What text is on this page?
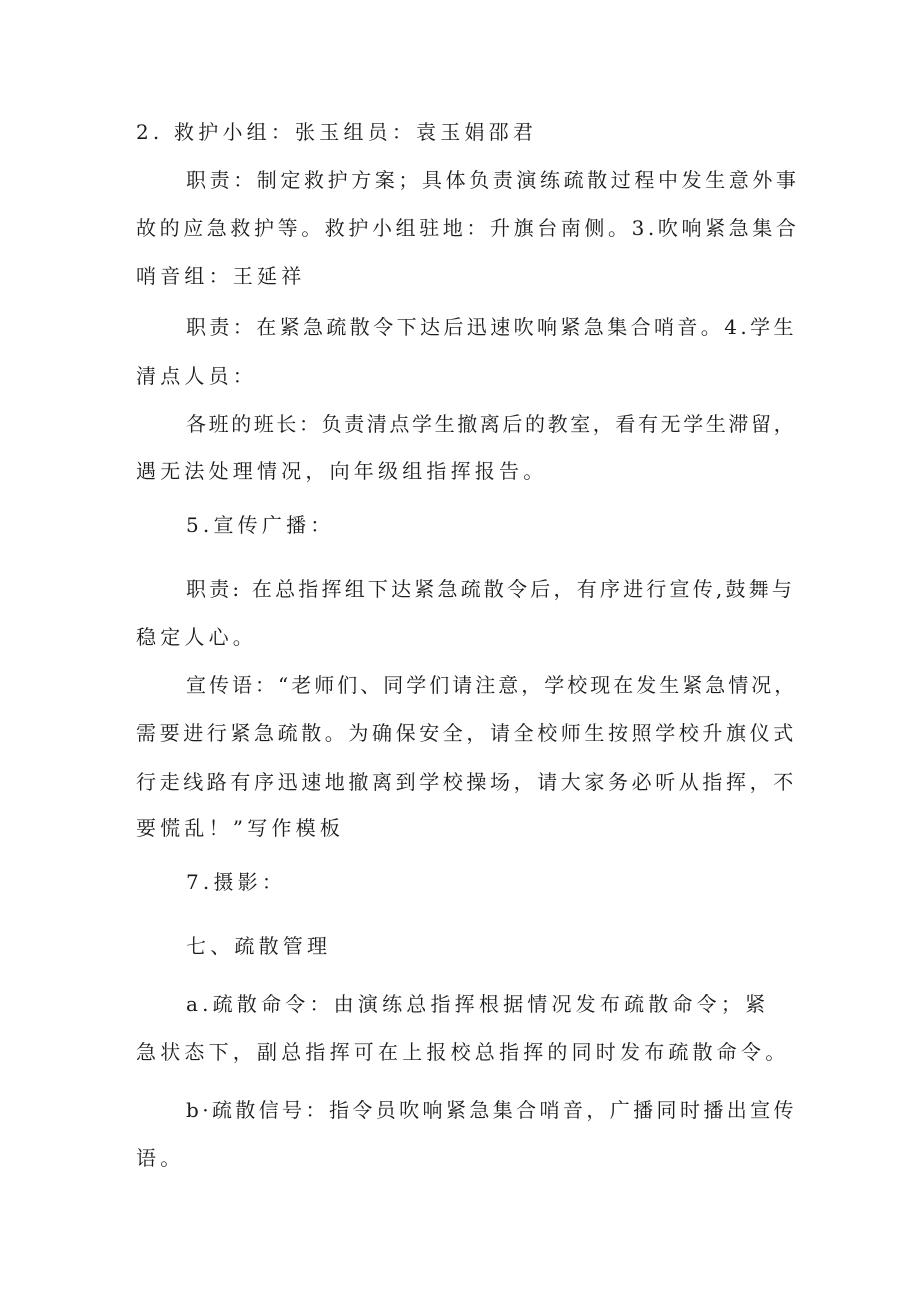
2. 救护小组：张玉组员：袁玉娟邵君
职责：制定救护方案；具体负责演练疏散过程中发生意外事
故的应急救护等。救护小组驻地：升旗台南侧。3.吹响紧急集合
哨音组：王延祥
职责：在紧急疏散令下达后迅速吹响紧急集合哨音。4.学生
清点人员：
各班的班长：负责清点学生撤离后的教室，看有无学生滞留，
遇无法处理情况，向年级组指挥报告。
5.宣传广播：
职责: 在总指挥组下达紧急疏散令后，有序进行宣传,鼓舞与
稳定人心。
宣传语：“老师们、同学们请注意，学校现在发生紧急情况，
需要进行紧急疏散。为确保安全，请全校师生按照学校升旗仪式
行走线路有序迅速地撤离到学校操场，请大家务必听从指挥，不
要慌乱！”写作模板
7.摄影：
七、疏散管理
a.疏散命令：由演练总指挥根据情况发布疏散命令；紧
急状态下，副总指挥可在上报校总指挥的同时发布疏散命令。
b·疏散信号：指令员吹响紧急集合哨音，广播同时播出宣传
语。
